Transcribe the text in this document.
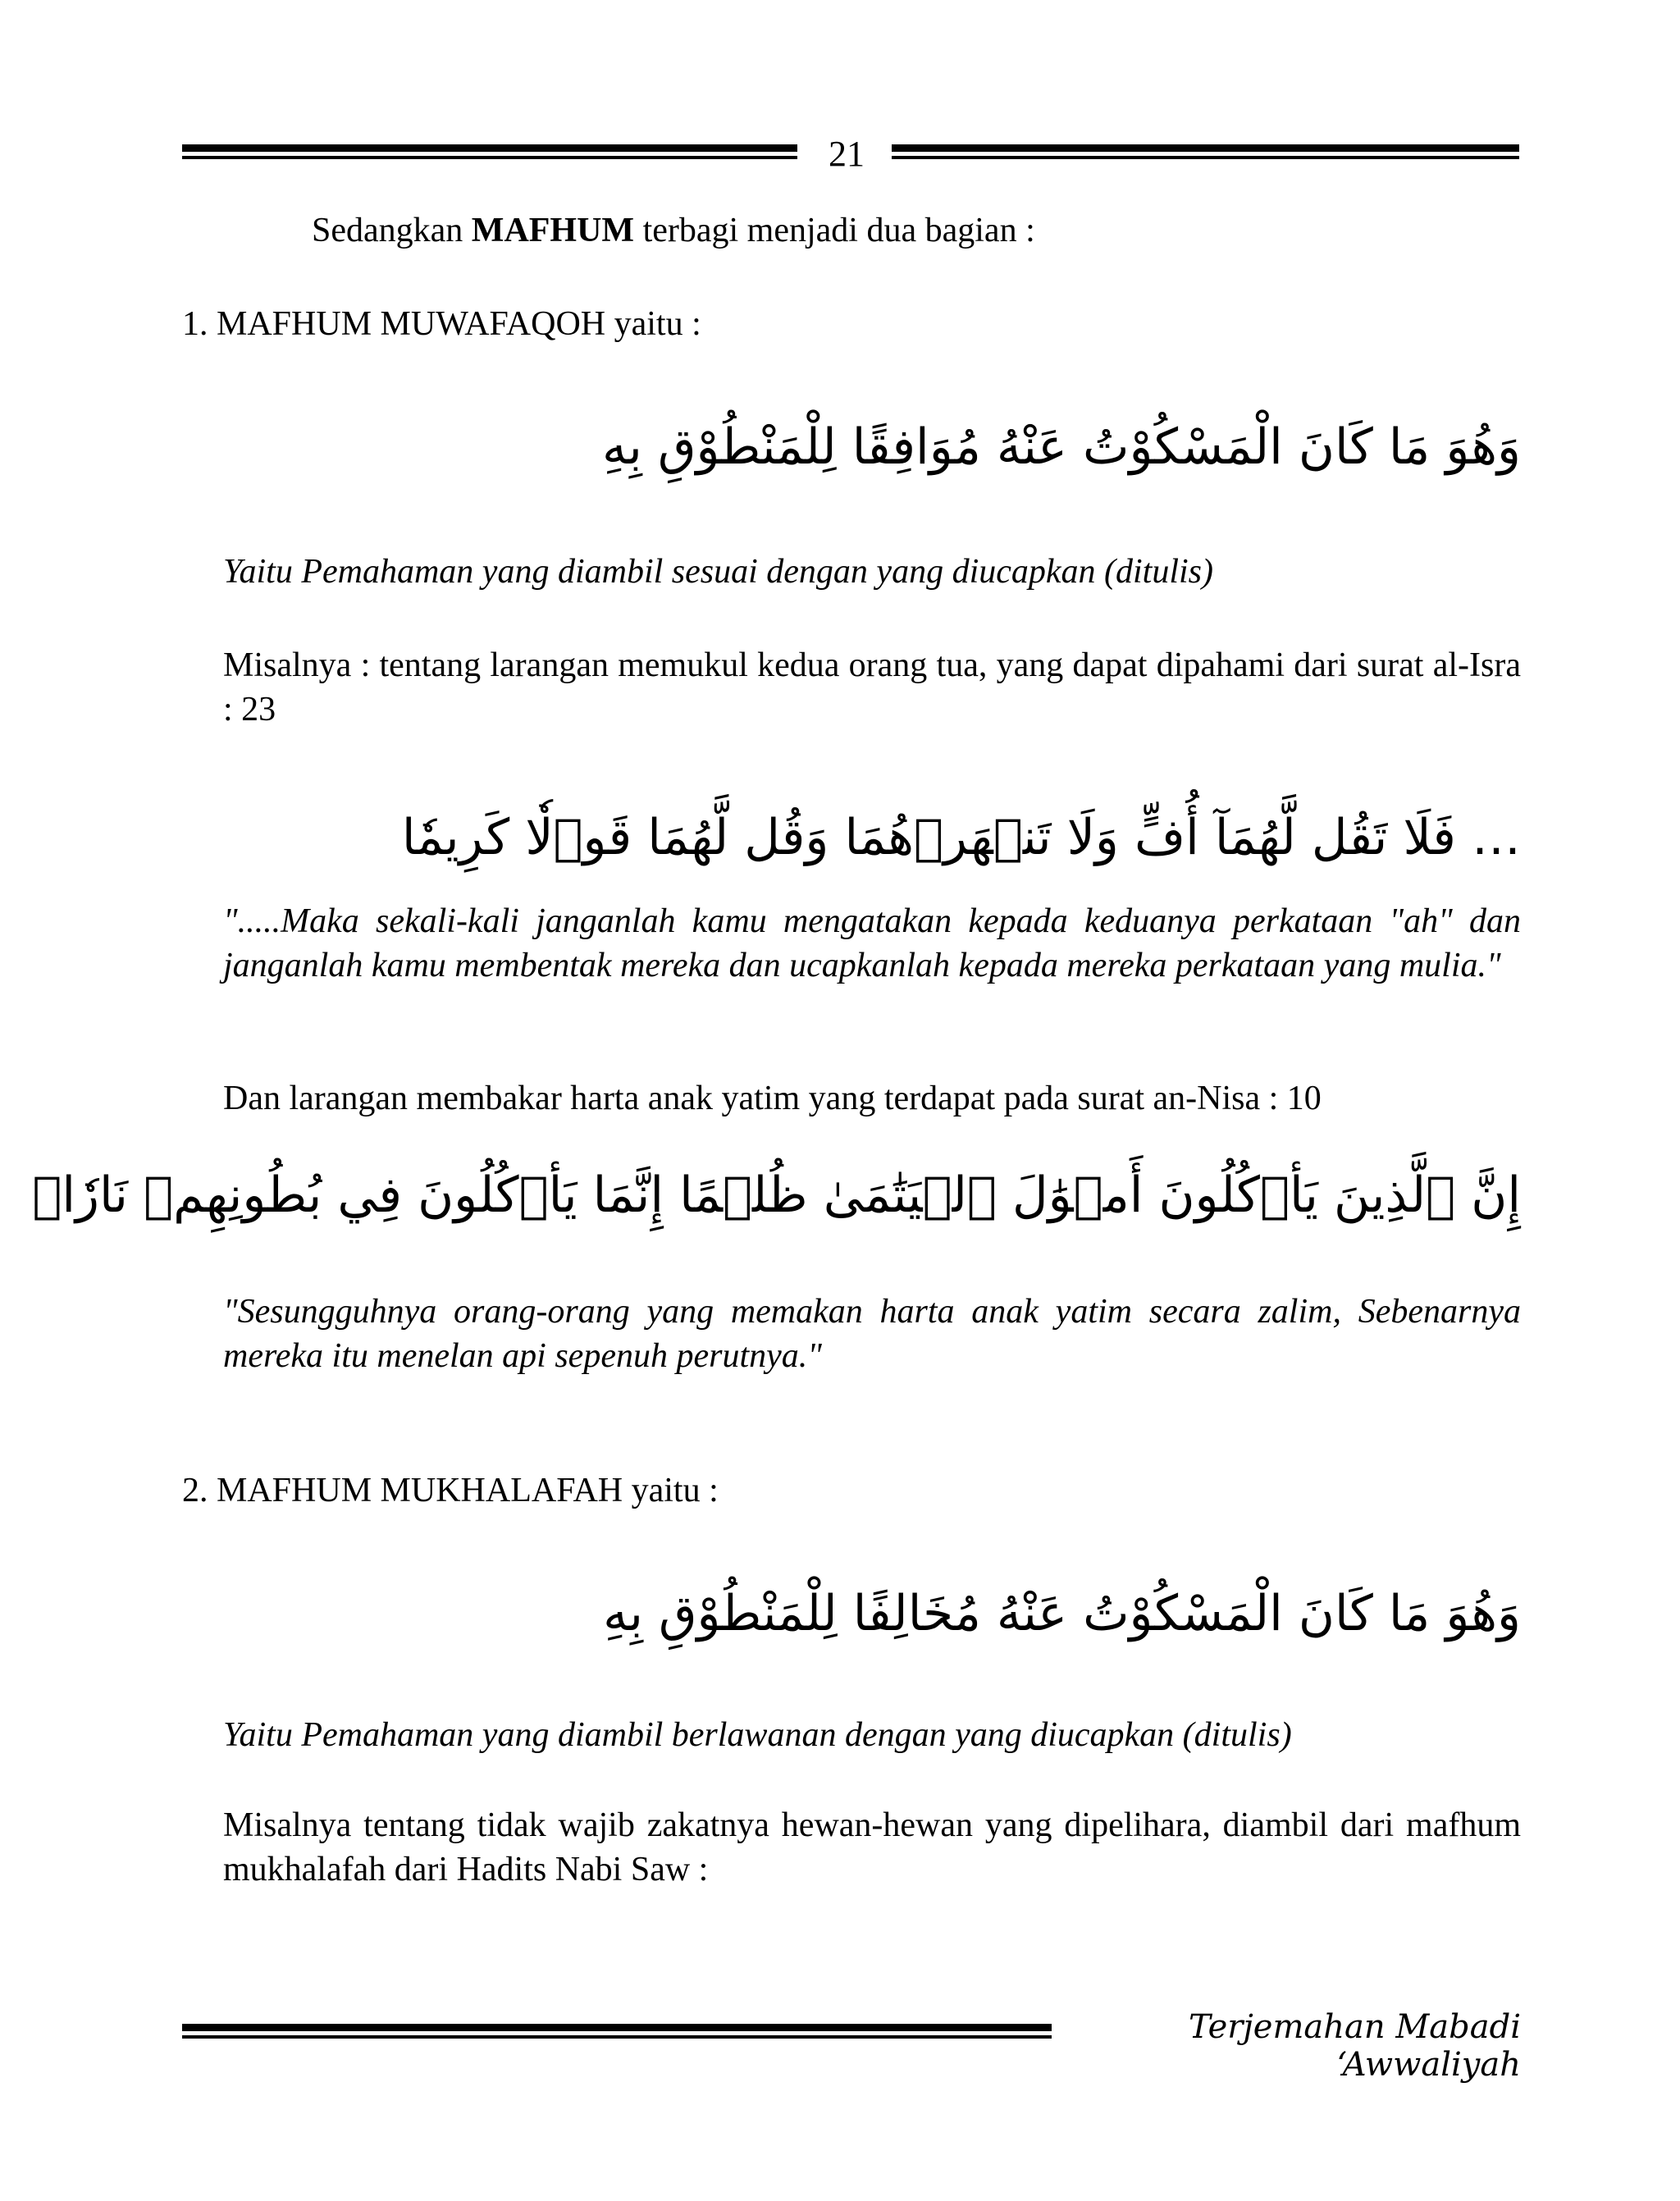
21
Sedangkan MAFHUM terbagi menjadi dua bagian :
1. MAFHUM MUWAFAQOH yaitu :
وَهُوَ مَا كَانَ الْمَسْكُوْتُ عَنْهُ مُوَافِقًا لِلْمَنْطُوْقِ بِهِ
Yaitu Pemahaman yang diambil sesuai dengan yang diucapkan (ditulis)
Misalnya : tentang larangan memukul kedua orang tua, yang dapat dipahami dari surat al-Isra : 23
… فَلَا تَقُل لَّهُمَآ أُفٍّ وَلَا تَنۡهَرۡهُمَا وَقُل لَّهُمَا قَوۡلٗا كَرِيمٗا
".....Maka sekali-kali janganlah kamu mengatakan kepada keduanya perkataan "ah" dan janganlah kamu membentak mereka dan ucapkanlah kepada mereka perkataan yang mulia."
Dan larangan membakar harta anak yatim yang terdapat pada surat an-Nisa : 10
إِنَّ ٱلَّذِينَ يَأۡكُلُونَ أَمۡوَٰلَ ٱلۡيَتَٰمَىٰ ظُلۡمًا إِنَّمَا يَأۡكُلُونَ فِي بُطُونِهِمۡ نَارٗاۖ
"Sesungguhnya orang-orang yang memakan harta anak yatim secara zalim, Sebenarnya mereka itu menelan api sepenuh perutnya."
2. MAFHUM MUKHALAFAH yaitu :
وَهُوَ مَا كَانَ الْمَسْكُوْتُ عَنْهُ مُخَالِفًا لِلْمَنْطُوْقِ بِهِ
Yaitu Pemahaman yang diambil berlawanan dengan yang diucapkan (ditulis)
Misalnya tentang tidak wajib zakatnya hewan-hewan yang dipelihara, diambil dari mafhum mukhalafah dari Hadits Nabi Saw :
Terjemahan Mabadi ‘Awwaliyah
